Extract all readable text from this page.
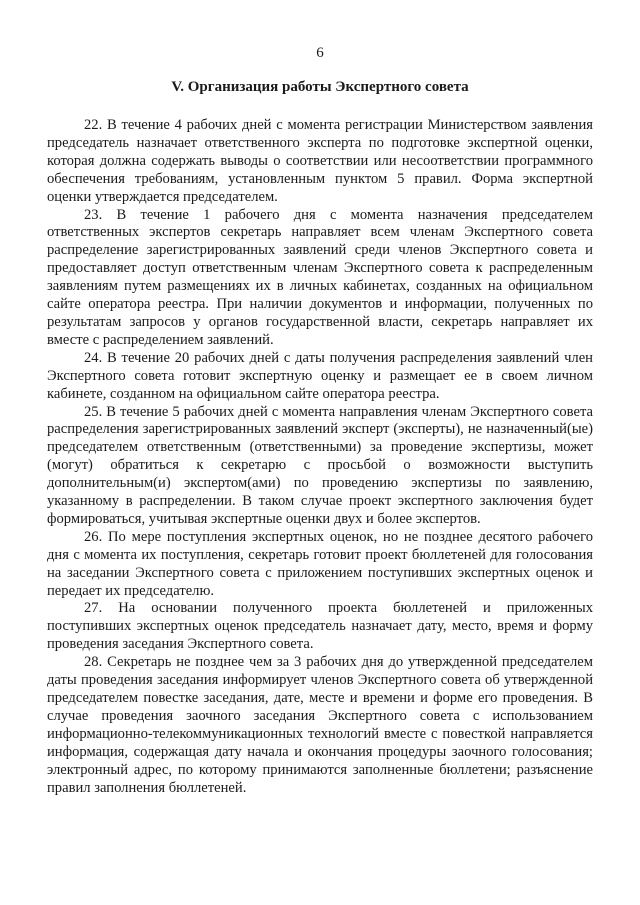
6
V. Организация работы Экспертного совета

22. В течение 4 рабочих дней с момента регистрации Министерством заявления председатель назначает ответственного эксперта по подготовке экспертной оценки, которая должна содержать выводы о соответствии или несоответствии программного обеспечения требованиям, установленным пунктом 5 правил. Форма экспертной оценки утверждается председателем.

23. В течение 1 рабочего дня с момента назначения председателем ответственных экспертов секретарь направляет всем членам Экспертного совета распределение зарегистрированных заявлений среди членов Экспертного совета и предоставляет доступ ответственным членам Экспертного совета к распределенным заявлениям путем размещениях их в личных кабинетах, созданных на официальном сайте оператора реестра. При наличии документов и информации, полученных по результатам запросов у органов государственной власти, секретарь направляет их вместе с распределением заявлений.

24. В течение 20 рабочих дней с даты получения распределения заявлений член Экспертного совета готовит экспертную оценку и размещает ее в своем личном кабинете, созданном на официальном сайте оператора реестра.

25. В течение 5 рабочих дней с момента направления членам Экспертного совета распределения зарегистрированных заявлений эксперт (эксперты), не назначенный(ые) председателем ответственным (ответственными) за проведение экспертизы, может (могут) обратиться к секретарю с просьбой о возможности выступить дополнительным(и) экспертом(ами) по проведению экспертизы по заявлению, указанному в распределении. В таком случае проект экспертного заключения будет формироваться, учитывая экспертные оценки двух и более экспертов.

26. По мере поступления экспертных оценок, но не позднее десятого рабочего дня с момента их поступления, секретарь готовит проект бюллетеней для голосования на заседании Экспертного совета с приложением поступивших экспертных оценок и передает их председателю.

27. На основании полученного проекта бюллетеней и приложенных поступивших экспертных оценок председатель назначает дату, место, время и форму проведения заседания Экспертного совета.

28. Секретарь не позднее чем за 3 рабочих дня до утвержденной председателем даты проведения заседания информирует членов Экспертного совета об утвержденной председателем повестке заседания, дате, месте и времени и форме его проведения. В случае проведения заочного заседания Экспертного совета с использованием информационно-телекоммуникационных технологий вместе с повесткой направляется информация, содержащая дату начала и окончания процедуры заочного голосования; электронный адрес, по которому принимаются заполненные бюллетени; разъяснение правил заполнения бюллетеней.
